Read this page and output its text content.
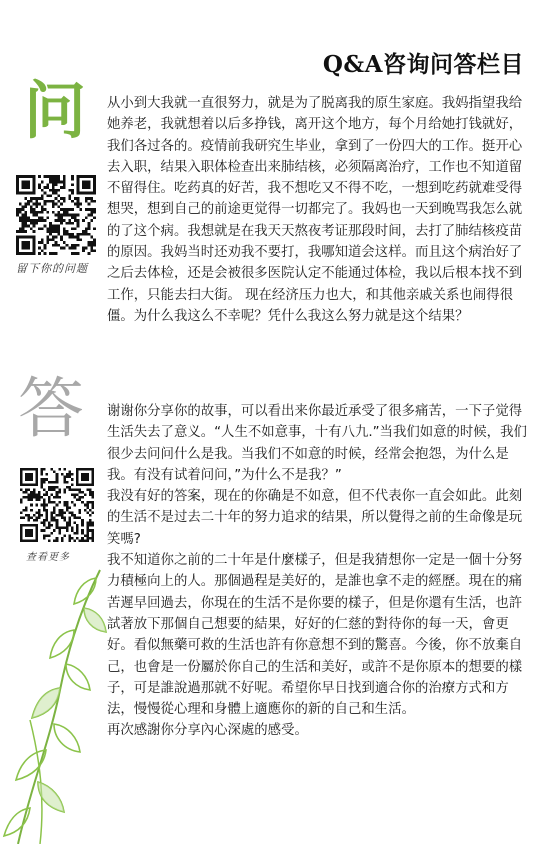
Q&A咨询问答栏目
问
留下你的问题

从小到大我就一直很努力，就是为了脱离我的原生家庭。我妈指望我给她养老，我就想着以后多挣钱，离开这个地方，每个月给她打钱就好，我们各过各的。疫情前我研究生毕业，拿到了一份四大的工作。挺开心去入职，结果入职体检查出来肺结核，必须隔离治疗，工作也不知道留不留得住。吃药真的好苦，我不想吃又不得不吃，一想到吃药就难受得想哭，想到自己的前途更觉得一切都完了。我妈也一天到晚骂我怎么就的了这个病。我想就是在我天天熬夜考证那段时间，去打了肺结核疫苗的原因。我妈当时还劝我不要打，我哪知道会这样。而且这个病治好了之后去体检，还是会被很多医院认定不能通过体检，我以后根本找不到工作，只能去扫大街。 现在经济压力也大，和其他亲戚关系也闹得很僵。为什么我这么不幸呢？凭什么我这么努力就是这个结果？

答
查看更多

谢谢你分享你的故事，可以看出来你最近承受了很多痛苦，一下子觉得生活失去了意义。“人生不如意事，十有八九.”当我们如意的时候，我们很少去问问什么是我。当我们不如意的时候，经常会抱怨，为什么是我。有没有试着问问，”为什么不是我？”

我没有好的答案，现在的你确是不如意，但不代表你一直会如此。此刻的生活不是过去二十年的努力追求的结果，所以覺得之前的生命像是玩笑嗎?

我不知道你之前的二十年是什麼樣子，但是我猜想你一定是一個十分努力積極向上的人。那個過程是美好的，是誰也拿不走的經歷。現在的痛苦遲早回過去，你現在的生活不是你要的樣子，但是你還有生活，也許試著放下那個自己想要的結果，好好的仁慈的對待你的每一天，會更好。看似無藥可救的生活也許有你意想不到的驚喜。今後，你不放棄自己，也會是一份屬於你自己的生活和美好，或許不是你原本的想要的樣子，可是誰說過那就不好呢。希望你早日找到適合你的治療方式和方法，慢慢從心理和身體上適應你的新的自己和生活。

再次感謝你分享內心深處的感受。
